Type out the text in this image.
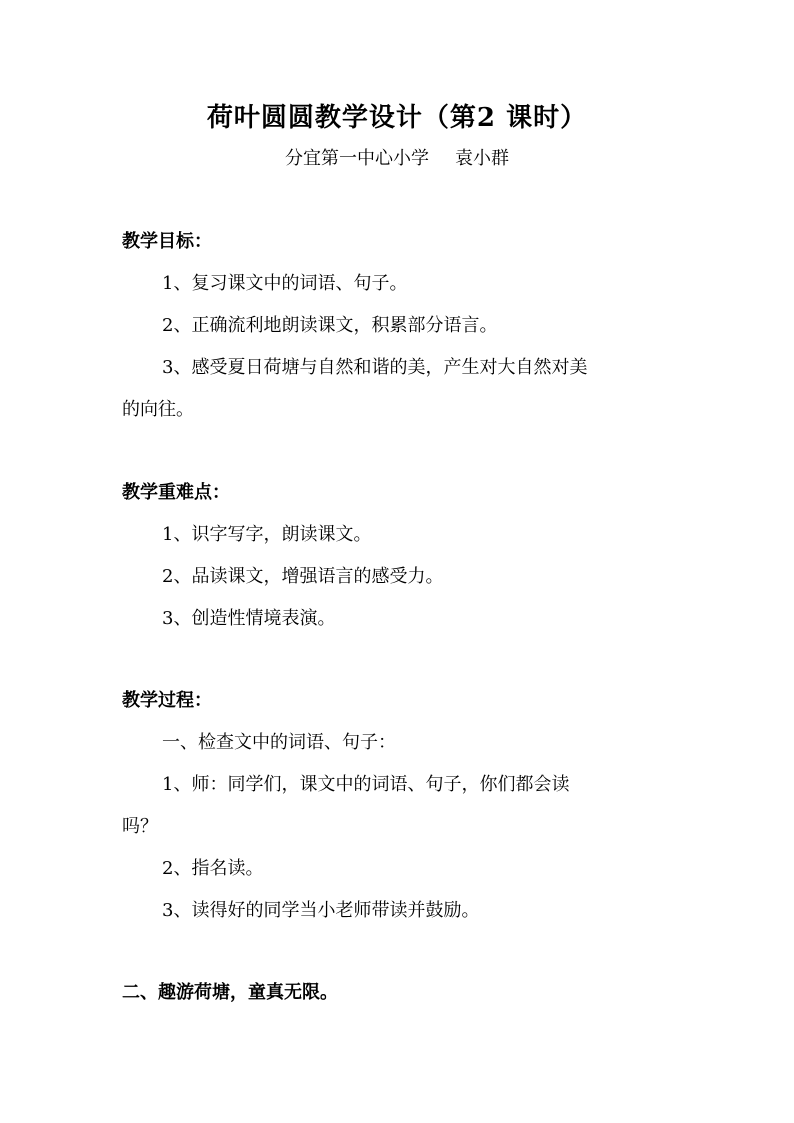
荷叶圆圆教学设计（第2 课时）
分宜第一中心小学 袁小群
教学目标：
1、复习课文中的词语、句子。
2、正确流利地朗读课文，积累部分语言。
3、感受夏日荷塘与自然和谐的美，产生对大自然对美
的向往。
教学重难点：
1、识字写字，朗读课文。
2、品读课文，增强语言的感受力。
3、创造性情境表演。
教学过程：
一、检查文中的词语、句子：
1、师：同学们，课文中的词语、句子，你们都会读
吗？
2、指名读。
3、读得好的同学当小老师带读并鼓励。
二、趣游荷塘，童真无限。
